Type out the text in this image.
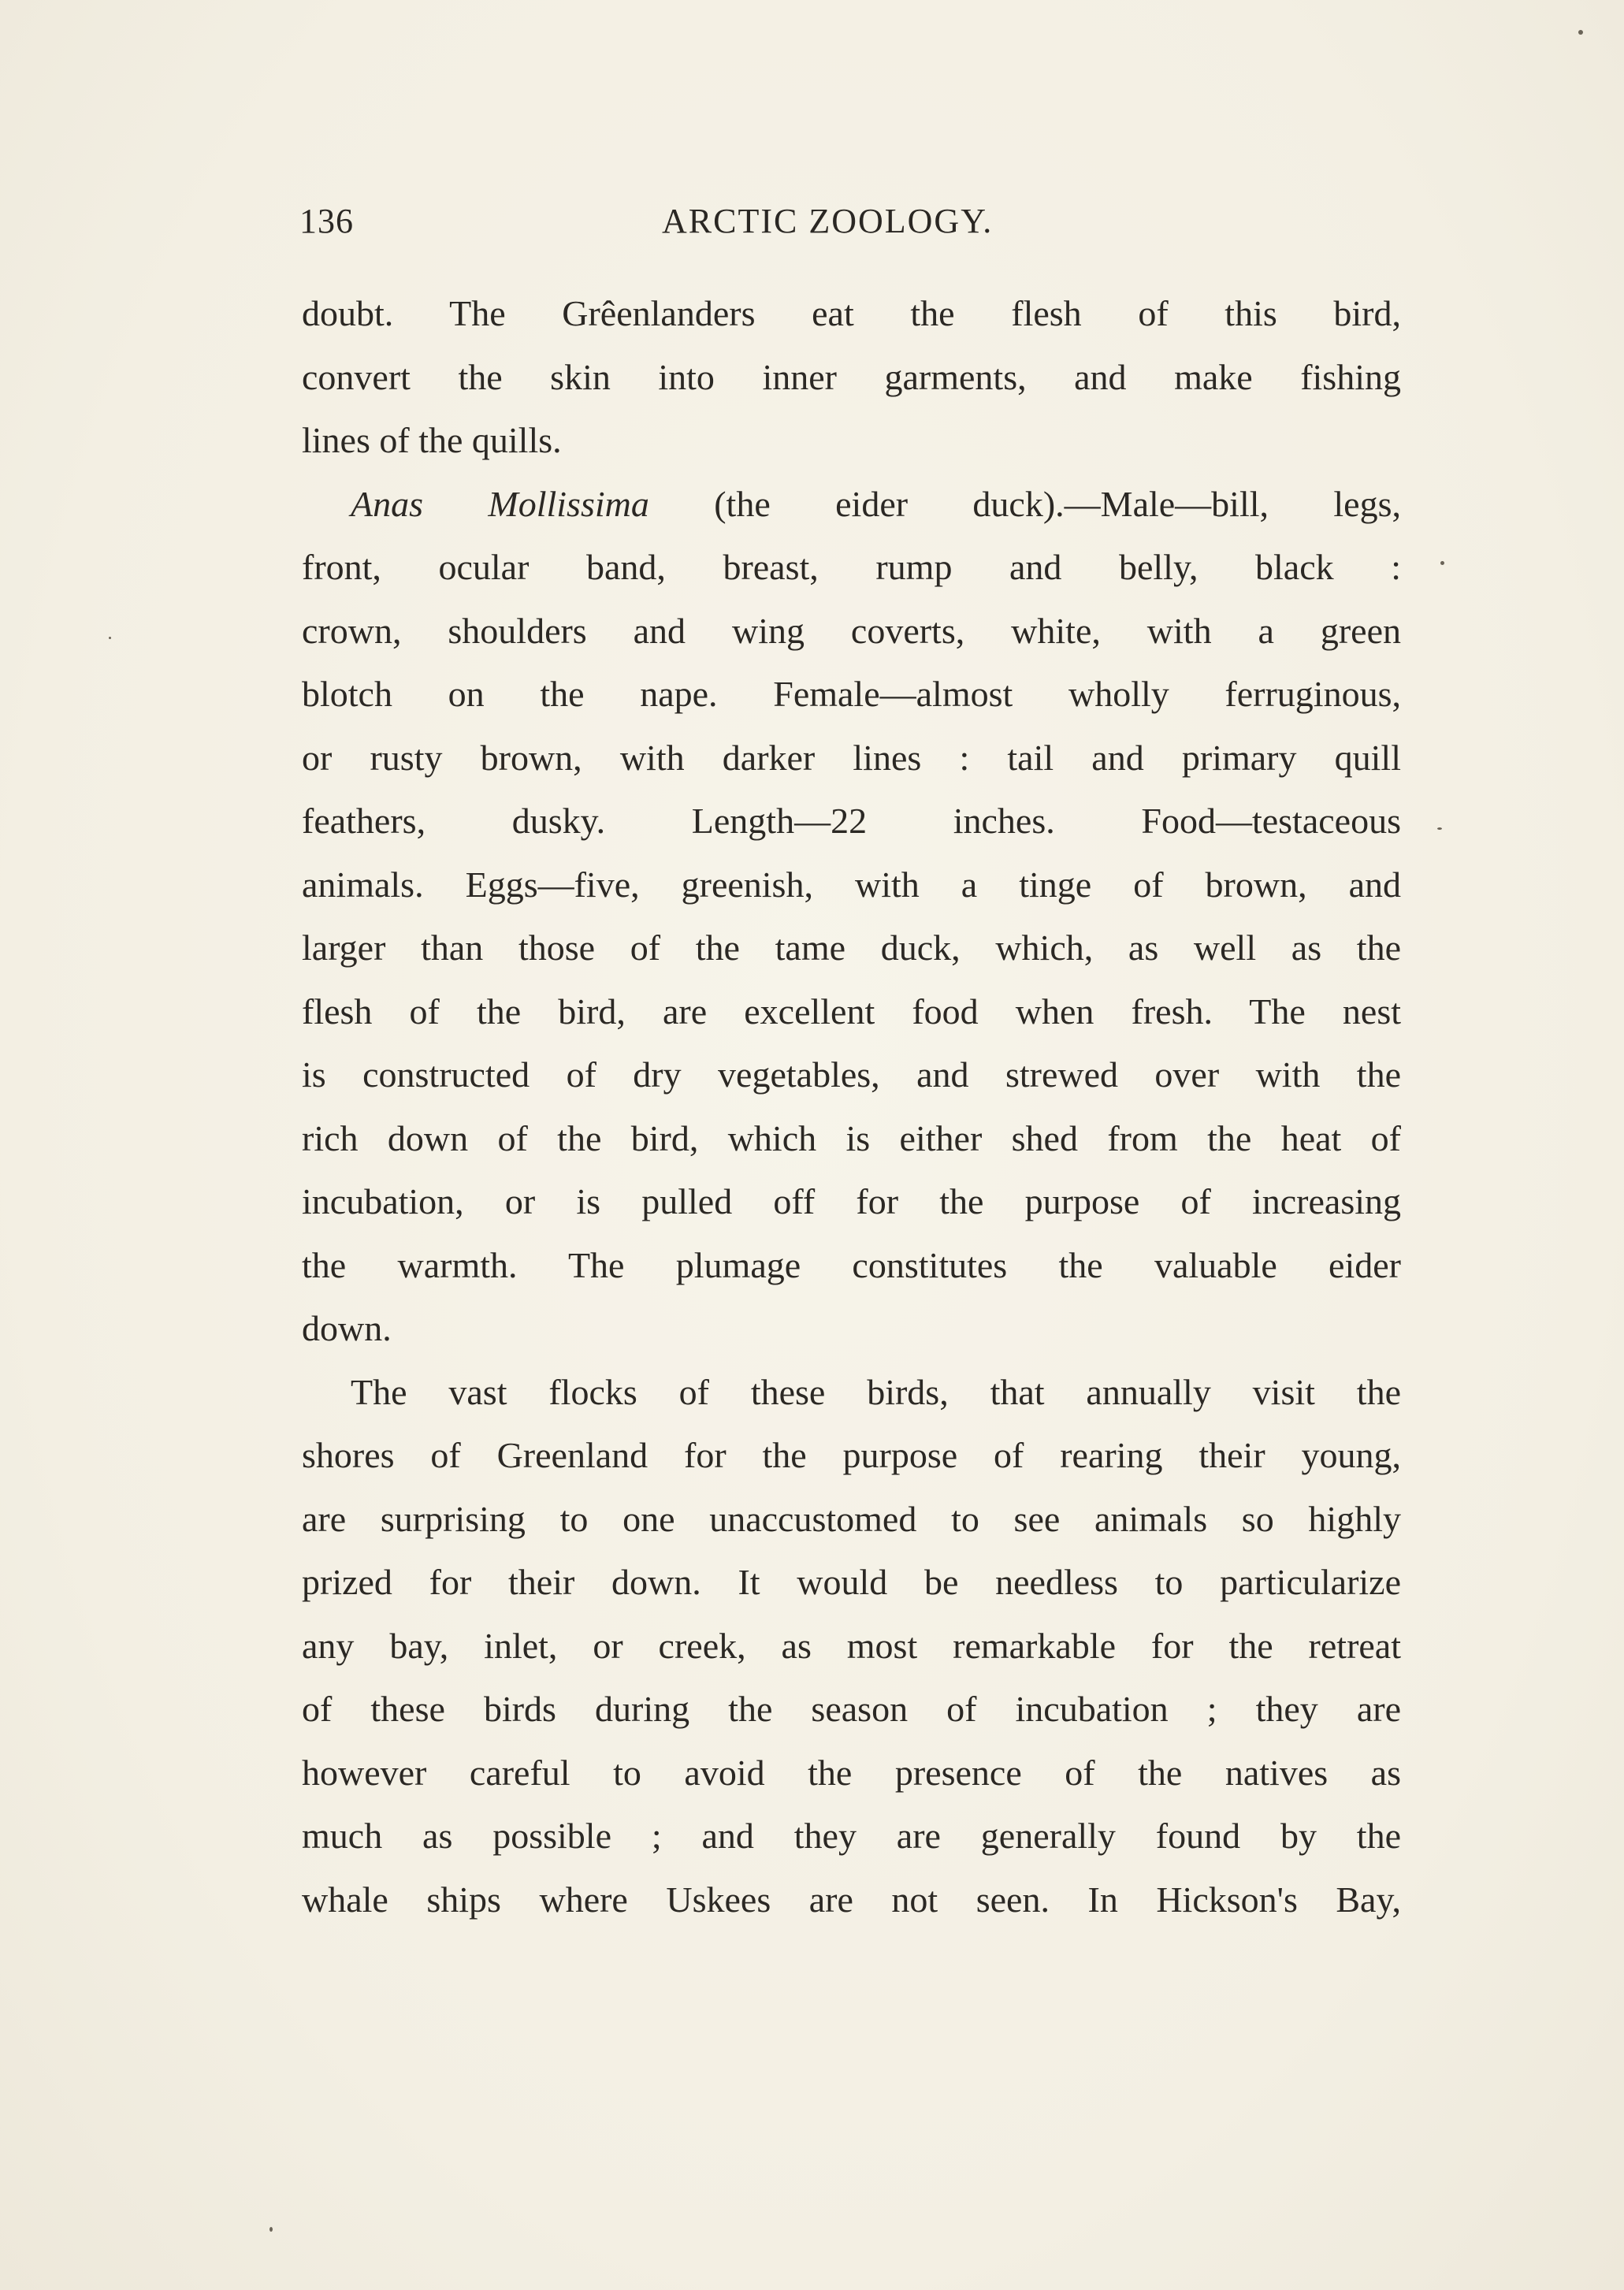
136	ARCTIC ZOOLOGY.
doubt. The Grêenlanders eat the flesh of this bird,
convert the skin into inner garments, and make fishing
lines of the quills.
Anas Mollissima (the eider duck).—Male—bill, legs,
front, ocular band, breast, rump and belly, black :
crown, shoulders and wing coverts, white, with a green
blotch on the nape. Female—almost wholly ferruginous,
or rusty brown, with darker lines : tail and primary quill
feathers, dusky. Length—22 inches. Food—testaceous
animals. Eggs—five, greenish, with a tinge of brown, and
larger than those of the tame duck, which, as well as the
flesh of the bird, are excellent food when fresh. The nest
is constructed of dry vegetables, and strewed over with the
rich down of the bird, which is either shed from the heat of
incubation, or is pulled off for the purpose of increasing
the warmth. The plumage constitutes the valuable eider
down.
The vast flocks of these birds, that annually visit the
shores of Greenland for the purpose of rearing their young,
are surprising to one unaccustomed to see animals so highly
prized for their down. It would be needless to particularize
any bay, inlet, or creek, as most remarkable for the retreat
of these birds during the season of incubation ; they are
however careful to avoid the presence of the natives as
much as possible ; and they are generally found by the
whale ships where Uskees are not seen. In Hickson's Bay,
